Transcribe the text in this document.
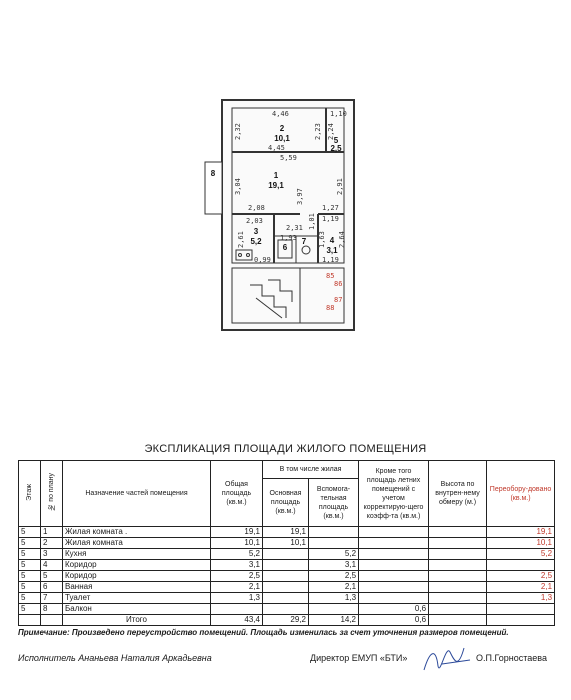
4,46	1,10
4,45
5,59
2,32	2,23 2,24
3,04
3,97
2,91
2,08	1,27
2,03	1,19
2,31
1,93
2,61	2,64
0,99	1,19
1,01
1,63
2
10,1	5
2,5
1
19,1
3
5,2	4
3,1
6
7
8
85
86
87
88
ЭКСПЛИКАЦИЯ ПЛОЩАДИ ЖИЛОГО ПОМЕЩЕНИЯ
Этаж	№ по плану	Назначение частей помещения	Общая площадь (кв.м.)	В том числе жилая		Кроме того площадь летних помещений с учетом корректирую-щего коэфф-та (кв.м.)	Высота по внутрен-нему обмеру (м.)	Переобору-довано (кв.м.)
				Основная площадь (кв.м.)	Вспомога-тельная площадь (кв.м.)			
5	1	Жилая комната .	19,1	19,1				19,1
5	2	Жилая комната	10,1	10,1				10,1
5	3	Кухня	5,2		5,2			5,2
5	4	Коридор	3,1		3,1			
5	5	Коридор	2,5		2,5			2,5
5	6	Ванная	2,1		2,1			2,1
5	7	Туалет	1,3		1,3			1,3
5	8	Балкон				0,6		
		Итого	43,4	29,2	14,2	0,6		
Примечание: Произведено переустройство помещений. Площадь изменилась за счет уточнения размеров помещений.
Исполнитель Ананьева Наталия Аркадьевна	Директор ЕМУП «БТИ»	О.П.Горностаева
